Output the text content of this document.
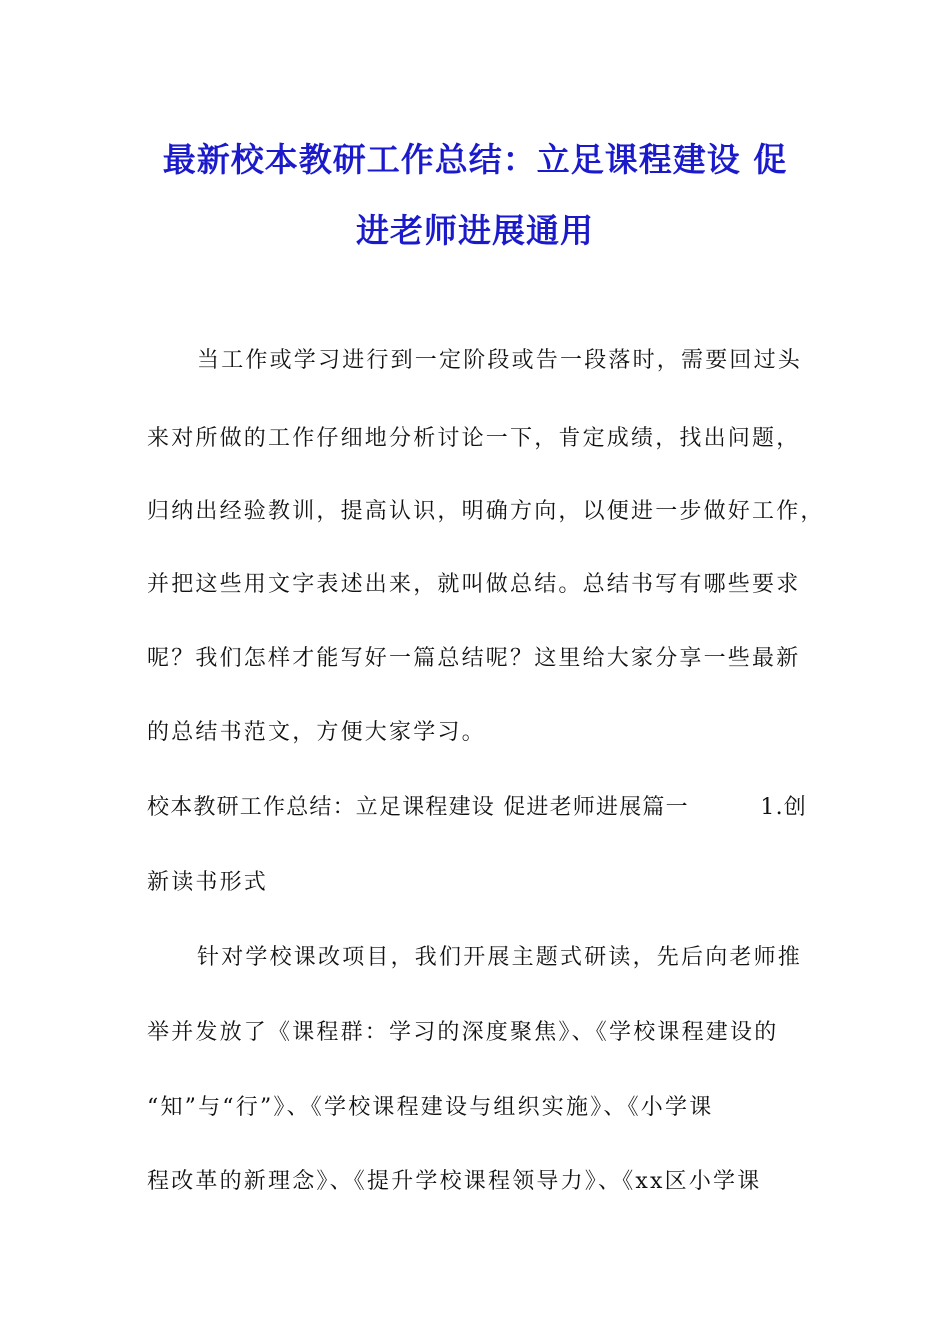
最新校本教研工作总结：立足课程建设 促
进老师进展通用
当工作或学习进行到一定阶段或告一段落时，需要回过头
来对所做的工作仔细地分析讨论一下，肯定成绩，找出问题，
归纳出经验教训，提高认识，明确方向，以便进一步做好工作，
并把这些用文字表述出来，就叫做总结。总结书写有哪些要求
呢？我们怎样才能写好一篇总结呢？这里给大家分享一些最新
的总结书范文，方便大家学习。
校本教研工作总结：立足课程建设 促进老师进展篇一	1.创
新读书形式
针对学校课改项目，我们开展主题式研读，先后向老师推
举并发放了《课程群：学习的深度聚焦》、《学校课程建设的
“知”与“行”》、《学校课程建设与组织实施》、《小学课
程改革的新理念》、《提升学校课程领导力》、《xx区小学课
